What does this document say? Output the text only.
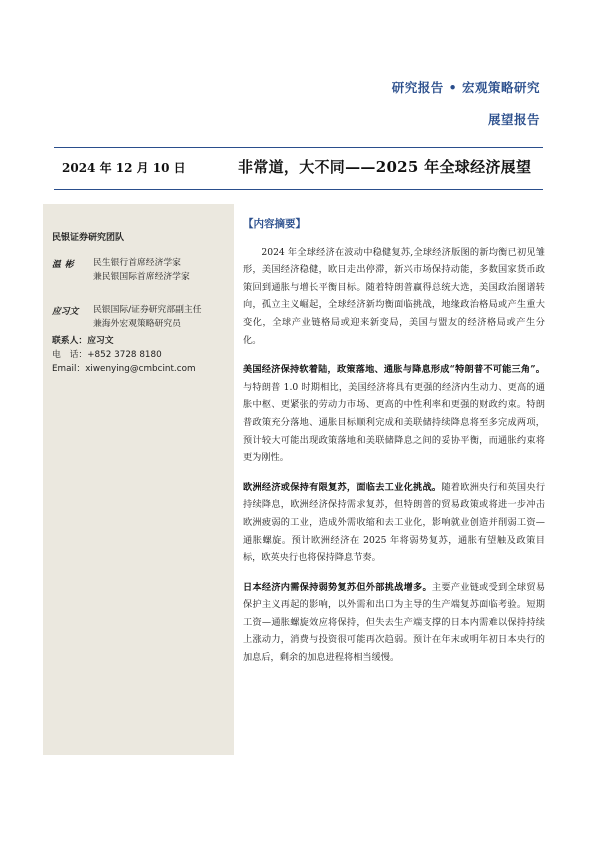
研究报告 • 宏观策略研究
展望报告
2024 年 12 月 10 日	非常道，大不同——2025 年全球经济展望
民银证券研究团队
温彬 民生银行首席经济学家
兼民银国际首席经济学家
应习文 民银国际/证券研究部副主任
兼海外宏观策略研究员
联系人：应习文
电　话：+852 3728 8180
Email：xiwenying@cmbcint.com
【内容摘要】

2024 年全球经济在波动中稳健复苏,全球经济版图的新均衡已初见雏形，美国经济稳健，欧日走出停滞，新兴市场保持动能，多数国家货币政策回到通胀与增长平衡目标。随着特朗普赢得总统大选，美国政治图谱转向，孤立主义崛起，全球经济新均衡面临挑战，地缘政治格局或产生重大变化，全球产业链格局或迎来新变局，美国与盟友的经济格局或产生分化。

美国经济保持软着陆，政策落地、通胀与降息形成“特朗普不可能三角”。与特朗普 1.0 时期相比，美国经济将具有更强的经济内生动力、更高的通胀中枢、更紧张的劳动力市场、更高的中性利率和更强的财政约束。特朗普政策充分落地、通胀目标顺利完成和美联储持续降息将至多完成两项，预计较大可能出现政策落地和美联储降息之间的妥协平衡，而通胀约束将更为刚性。

欧洲经济或保持有限复苏，面临去工业化挑战。随着欧洲央行和英国央行持续降息，欧洲经济保持需求复苏，但特朗普的贸易政策或将进一步冲击欧洲疲弱的工业，造成外需收缩和去工业化，影响就业创造并削弱工资—通胀螺旋。预计欧洲经济在 2025 年将弱势复苏，通胀有望触及政策目标，欧英央行也将保持降息节奏。

日本经济内需保持弱势复苏但外部挑战增多。主要产业链或受到全球贸易保护主义再起的影响，以外需和出口为主导的生产端复苏面临考验。短期工资—通胀螺旋效应将保持，但失去生产端支撑的日本内需难以保持持续上涨动力，消费与投资很可能再次趋弱。预计在年末或明年初日本央行的加息后，剩余的加息进程将相当缓慢。
